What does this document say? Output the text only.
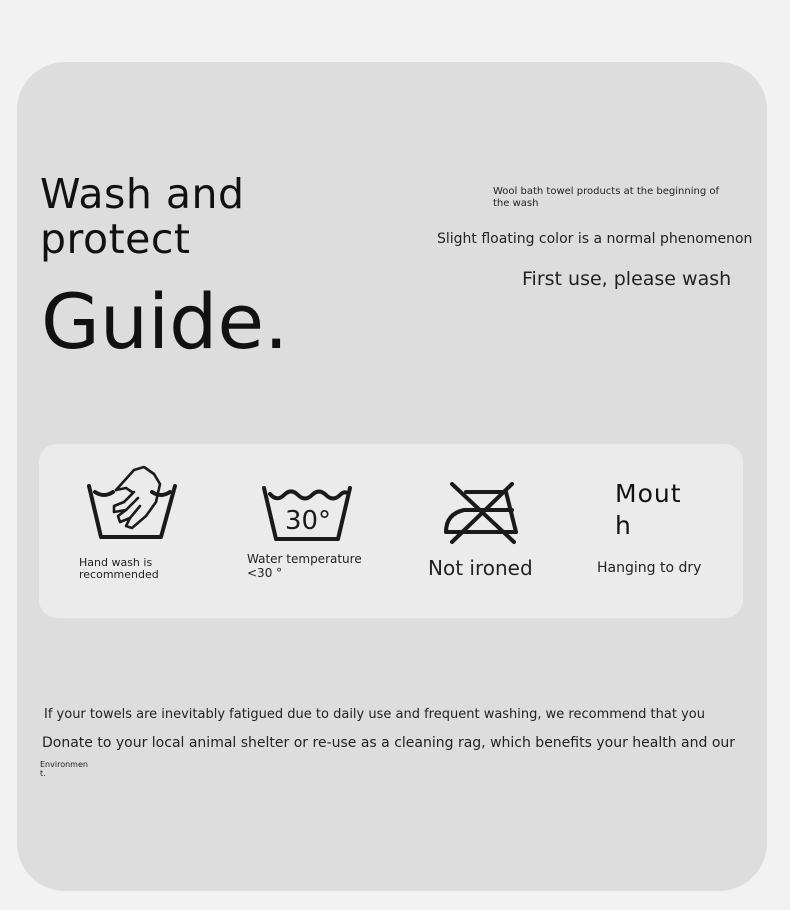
Wash and protect
Guide.
Wool bath towel products at the beginning of the wash
Slight floating color is a normal phenomenon
First use, please wash
Hand wash is recommended
30°
Water temperature <30 °	Not ironed
Mouth
Hanging to dry
If your towels are inevitably fatigued due to daily use and frequent washing, we recommend that you
Donate to your local animal shelter or re-use as a cleaning rag, which benefits your health and our
Environment.
